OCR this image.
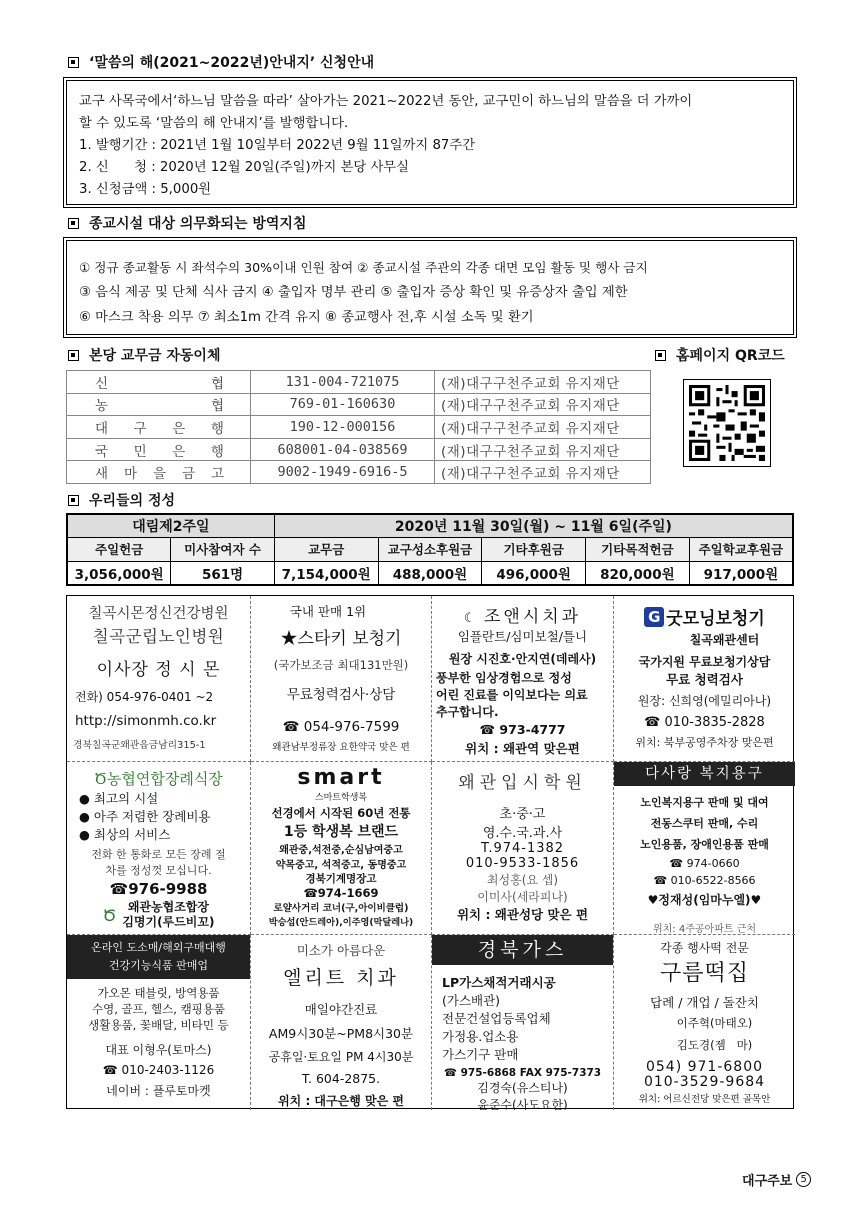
‘말씀의 해(2021~2022년)안내지’ 신청안내
교구 사목국에서‘하느님 말씀을 따라’ 살아가는 2021~2022년 동안, 교구민이 하느님의 말씀을 더 가까이
할 수 있도록 ‘말씀의 해 안내지’를 발행합니다.
1. 발행기간 : 2021년 1월 10일부터 2022년 9월 11일까지 87주간
2. 신      청 : 2020년 12월 20일(주일)까지 본당 사무실
3. 신청금액 : 5,000원
종교시설 대상 의무화되는 방역지침
① 정규 종교활동 시 좌석수의 30%이내 인원 참여 ② 종교시설 주관의 각종 대면 모임 활동 및 행사 금지
③ 음식 제공 및 단체 식사 금지 ④ 출입자 명부 관리 ⑤ 출입자 증상 확인 및 유증상자 출입 제한
⑥ 마스크 착용 의무 ⑦ 최소1m 간격 유지 ⑧ 종교행사 전,후 시설 소독 및 환기
본당 교무금 자동이체	홈페이지 QR코드
신 협	131-004-721075	(재)대구구천주교회 유지재단

농 협	769-01-160630	(재)대구구천주교회 유지재단

대 구 은 행	190-12-000156	(재)대구구천주교회 유지재단

국 민 은 행	608001-04-038569	(재)대구구천주교회 유지재단

새 마 을 금 고	9002-1949-6916-5	(재)대구구천주교회 유지재단
우리들의 정성
대림제2주일		2020년 11월 30일(월) ~ 11월 6일(주일)				
주일헌금	미사참여자 수	교무금	교구성소후원금	기타후원금	기타목적헌금	주일학교후원금
3,056,000원	561명	7,154,000원	488,000원	496,000원	820,000원	917,000원
칠곡시몬정신건강병원
칠곡군립노인병원
이사장 정 시 몬
전화) 054-976-0401 ~2
http://simonmh.co.kr
경북칠곡군왜관읍금남리315-1
국내 판매 1위
★스타키 보청기
(국가보조금 최대131만원)
무료청력검사·상담
☎ 054-976-7599
왜관남부정류장 요한약국 맞은 편
☾ 조앤시치과
임플란트/심미보철/틀니
원장 시진호·안지연(데레사)
풍부한 임상경험으로 정성
어린 진료를 이익보다는 의료
추구합니다.
☎ 973-4777
위치 : 왜관역 맞은편
G 굿모닝보청기
칠곡왜관센터
국가지원 무료보청기상담
무료 청력검사
원장: 신희영(에밀리아나)
☎ 010-3835-2828
위치: 북부공영주차장 맞은편
Ծ농협연합장례식장
● 최고의 시설
● 아주 저렴한 장례비용
● 최상의 서비스
전화 한 통화로 모든 장례 절
차를 정성껏 모십니다.
☎976-9988
Ծ 왜관농협조합장
김명기(루드비꼬)
smart
스마트학생복
선경에서 시작된 60년 전통
1등 학생복 브랜드
왜관중,석전중,순심남여중고
약목중고, 석적중고, 동명중고
경북기계명장고
☎974-1669
로얄사거리 코너(구,아이비클럽)
박승섭(안드레아),이주영(막달레나)
왜관입시학원
초·중·고
영.수.국.과.사
T.974-1382
010-9533-1856
최성홍(요 셉)
이미사(세라피나)
위치 : 왜관성당 맞은 편
다사랑 복지용구
노인복지용구 판매 및 대여
전동스쿠터 판매, 수리
노인용품, 장애인용품 판매
☎ 974-0660
☎ 010-6522-8566
♥정재성(임마누엘)♥
위치: 4주공아파트 근처
온라인 도소매/해외구매대행
건강기능식품 판매업
가오몬 태블릿, 방역용품
수영, 골프, 헬스, 캠핑용품
생활용품, 꽃배달, 비타민 등
대표 이형우(토마스)
☎ 010-2403-1126
네이버 : 플루토마켓
미소가 아름다운
엘리트 치과
매일야간진료
AM9시30분~PM8시30분
공휴일·토요일 PM 4시30분
T. 604-2875.
위치 : 대구은행 맞은 편
경북가스
LP가스채적거래시공
(가스배관)
전문건설업등록업체
가정용.업소용
가스기구 판매
☎ 975-6868 FAX 975-7373
김경숙(유스티나)
윤준수(사도요한)
각종 행사떡 전문
구름떡집
답례 / 개업 / 돌잔치
이주혁(마태오)
김도경(젬   마)
054) 971-6800
010-3529-9684
위치: 어르신전당 맞은편 골목안
대구주보 5
